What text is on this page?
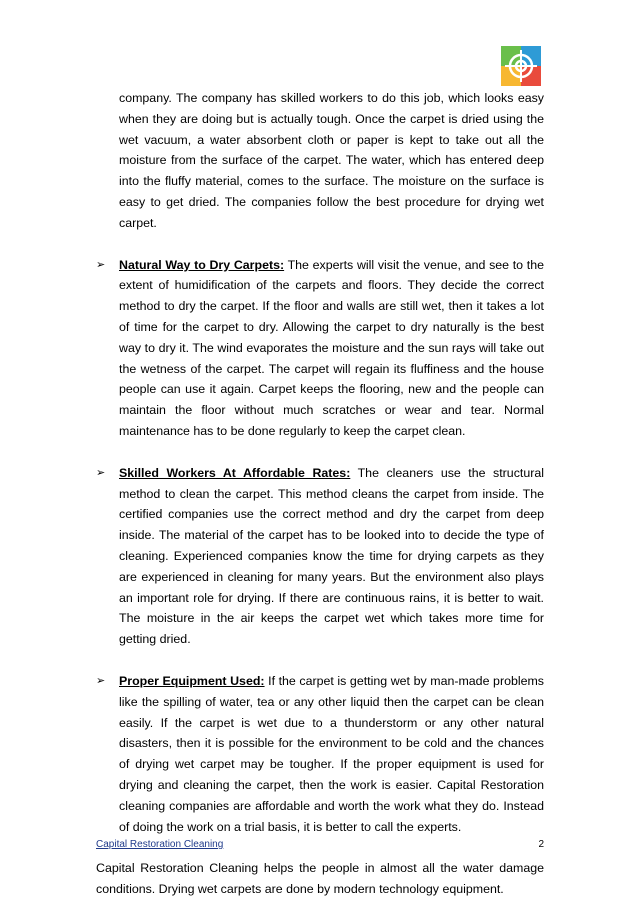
company. The company has skilled workers to do this job, which looks easy when they are doing but is actually tough. Once the carpet is dried using the wet vacuum, a water absorbent cloth or paper is kept to take out all the moisture from the surface of the carpet. The water, which has entered deep into the fluffy material, comes to the surface. The moisture on the surface is easy to get dried. The companies follow the best procedure for drying wet carpet.

➢ Natural Way to Dry Carpets: The experts will visit the venue, and see to the extent of humidification of the carpets and floors. They decide the correct method to dry the carpet. If the floor and walls are still wet, then it takes a lot of time for the carpet to dry. Allowing the carpet to dry naturally is the best way to dry it. The wind evaporates the moisture and the sun rays will take out the wetness of the carpet. The carpet will regain its fluffiness and the house people can use it again. Carpet keeps the flooring, new and the people can maintain the floor without much scratches or wear and tear. Normal maintenance has to be done regularly to keep the carpet clean.

➢ Skilled Workers At Affordable Rates: The cleaners use the structural method to clean the carpet. This method cleans the carpet from inside. The certified companies use the correct method and dry the carpet from deep inside. The material of the carpet has to be looked into to decide the type of cleaning. Experienced companies know the time for drying carpets as they are experienced in cleaning for many years. But the environment also plays an important role for drying. If there are continuous rains, it is better to wait. The moisture in the air keeps the carpet wet which takes more time for getting dried.

➢ Proper Equipment Used: If the carpet is getting wet by man-made problems like the spilling of water, tea or any other liquid then the carpet can be clean easily. If the carpet is wet due to a thunderstorm or any other natural disasters, then it is possible for the environment to be cold and the chances of drying wet carpet may be tougher. If the proper equipment is used for drying and cleaning the carpet, then the work is easier. Capital Restoration cleaning companies are affordable and worth the work what they do. Instead of doing the work on a trial basis, it is better to call the experts.

Capital Restoration Cleaning helps the people in almost all the water damage conditions. Drying wet carpets are done by modern technology equipment.

Capital Restoration Cleaning	2
